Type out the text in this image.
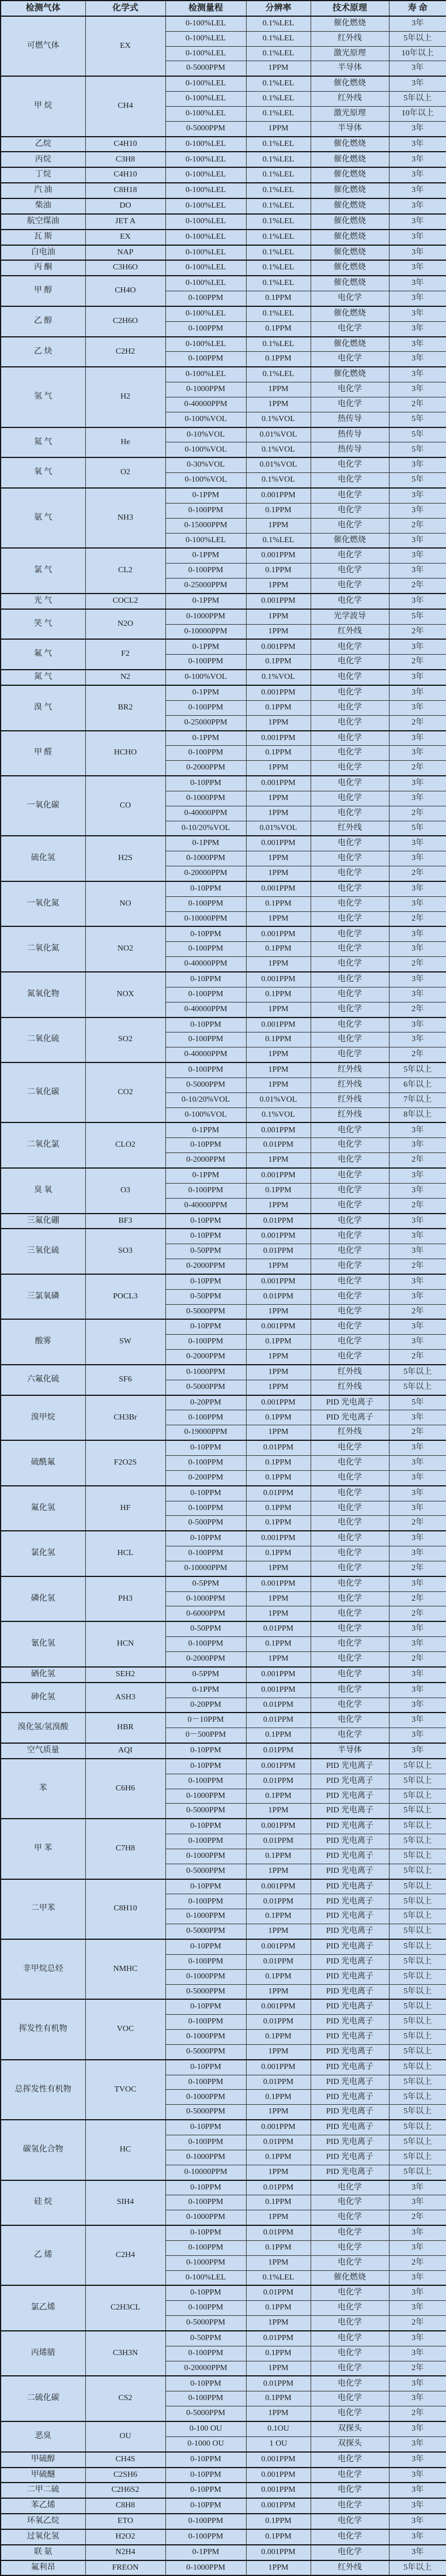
检测气体	化学式	检测量程	分辨率	技术原理	寿 命
可燃气体	EX	0-100%LEL	0.1%LEL	催化燃烧	3年
		0-100%LEL	0.1%LEL	红外线	5年以上
		0-100%LEL	0.1%LEL	激光原理	10年以上
		0-5000PPM	1PPM	半导体	3年
甲 烷	CH4	0-100%LEL	0.1%LEL	催化燃烧	3年
		0-100%LEL	0.1%LEL	红外线	5年以上
		0-100%LEL	0.1%LEL	激光原理	10年以上
		0-5000PPM	1PPM	半导体	3年
乙烷	C4H10	0-100%LEL	0.1%LEL	催化燃烧	3年
丙烷	C3H8	0-100%LEL	0.1%LEL	催化燃烧	3年
丁烷	C4H10	0-100%LEL	0.1%LEL	催化燃烧	3年
汽 油	C8H18	0-100%LEL	0.1%LEL	催化燃烧	3年
柴油	DO	0-100%LEL	0.1%LEL	催化燃烧	3年
航空煤油	JET A	0-100%LEL	0.1%LEL	催化燃烧	3年
瓦 斯	EX	0-100%LEL	0.1%LEL	催化燃烧	3年
白电油	NAP	0-100%LEL	0.1%LEL	催化燃烧	3年
丙 酮	C3H6O	0-100%LEL	0.1%LEL	催化燃烧	3年
甲 醇	CH4O	0-100%LEL	0.1%LEL	催化燃烧	3年
		0-100PPM	0.1PPM	电化学	3年
乙 醇	C2H6O	0-100%LEL	0.1%LEL	催化燃烧	3年
		0-100PPM	0.1PPM	电化学	3年
乙 炔	C2H2	0-100%LEL	0.1%LEL	催化燃烧	3年
		0-100PPM	0.1PPM	电化学	3年
氢 气	H2	0-100%LEL	0.1%LEL	催化燃烧	3年
		0-1000PPM	1PPM	电化学	3年
		0-40000PPM	1PPM	电化学	2年
		0-100%VOL	0.1%VOL	热传导	5年
氦 气	He	0-10%VOL	0.01%VOL	热传导	5年
		0-100%VOL	0.1%VOL	热传导	5年
氧 气	O2	0-30%VOL	0.01%VOL	电化学	3年
		0-100%VOL	0.1%VOL	电化学	5年
氨 气	NH3	0-1PPM	0.001PPM	电化学	3年
		0-100PPM	0.1PPM	电化学	3年
		0-15000PPM	1PPM	电化学	2年
		0-100%LEL	0.1%LEL	催化燃烧	3年
氯 气	CL2	0-1PPM	0.001PPM	电化学	3年
		0-100PPM	0.1PPM	电化学	3年
		0-25000PPM	1PPM	电化学	2年
光 气	COCL2	0-1PPM	0.001PPM	电化学	3年
笑 气	N2O	0-1000PPM	1PPM	光学波导	5年
		0-10000PPM	1PPM	红外线	2年
氟 气	F2	0-1PPM	0.001PPM	电化学	3年
		0-100PPM	0.1PPM	电化学	2年
氮 气	N2	0-100%VOL	0.1%VOL	电化学	3年
溴 气	BR2	0-1PPM	0.001PPM	电化学	3年
		0-100PPM	0.1PPM	电化学	3年
		0-25000PPM	1PPM	电化学	2年
甲 醛	HCHO	0-1PPM	0.001PPM	电化学	3年
		0-100PPM	0.1PPM	电化学	3年
		0-2000PPM	1PPM	电化学	2年
一氧化碳	CO	0-10PPM	0.001PPM	电化学	3年
		0-1000PPM	1PPM	电化学	3年
		0-40000PPM	1PPM	电化学	2年
		0-10/20%VOL	0.01%VOL	红外线	5年
硫化氢	H2S	0-1PPM	0.001PPM	电化学	3年
		0-1000PPM	1PPM	电化学	3年
		0-20000PPM	1PPM	电化学	2年
一氧化氮	NO	0-10PPM	0.001PPM	电化学	3年
		0-100PPM	0.1PPM	电化学	3年
		0-10000PPM	1PPM	电化学	2年
二氧化氮	NO2	0-10PPM	0.001PPM	电化学	3年
		0-100PPM	0.1PPM	电化学	3年
		0-40000PPM	1PPM	电化学	2年
氮氧化物	NOX	0-10PPM	0.001PPM	电化学	3年
		0-100PPM	0.1PPM	电化学	3年
		0-40000PPM	1PPM	电化学	2年
二氧化硫	SO2	0-10PPM	0.001PPM	电化学	3年
		0-100PPM	0.1PPM	电化学	3年
		0-40000PPM	1PPM	电化学	2年
二氧化碳	CO2	0-100PPM	1PPM	红外线	5年以上
		0-5000PPM	1PPM	红外线	6年以上
		0-10/20%VOL	0.01%VOL	红外线	7年以上
		0-100%VOL	0.1%VOL	红外线	8年以上
二氧化氯	CLO2	0-1PPM	0.001PPM	电化学	3年
		0-10PPM	0.01PPM	电化学	3年
		0-2000PPM	1PPM	电化学	2年
臭 氧	O3	0-1PPM	0.001PPM	电化学	3年
		0-100PPM	0.1PPM	电化学	3年
		0-40000PPM	1PPM	电化学	2年
三氟化硼	BF3	0-10PPM	0.01PPM	电化学	3年
三氧化硫	SO3	0-10PPM	0.001PPM	电化学	3年
		0-50PPM	0.01PPM	电化学	3年
		0-2000PPM	1PPM	电化学	2年
三氯氧磷	POCL3	0-10PPM	0.001PPM	电化学	3年
		0-50PPM	0.01PPM	电化学	3年
		0-5000PPM	1PPM	电化学	2年
酸雾	SW	0-10PPM	0.001PPM	电化学	3年
		0-100PPM	0.1PPM	电化学	3年
		0-2000PPM	1PPM	电化学	2年
六氟化硫	SF6	0-1000PPM	1PPM	红外线	5年以上
		0-5000PPM	1PPM	红外线	5年以上
溴甲烷	CH3Br	0-20PPM	0.001PPM	PID 光电离子	5年
		0-100PPM	0.1PPM	PID 光电离子	3年
		0-19000PPM	1PPM	红外线	2年
硫酰氟	F2O2S	0-10PPM	0.01PPM	电化学	3年
		0-100PPM	0.1PPM	电化学	3年
		0-200PPM	0.1PPM	电化学	3年
氟化氢	HF	0-10PPM	0.01PPM	电化学	3年
		0-100PPM	0.1PPM	电化学	3年
		0-500PPM	0.1PPM	电化学	2年
氯化氢	HCL	0-10PPM	0.001PPM	电化学	3年
		0-100PPM	0.1PPM	电化学	3年
		0-10000PPM	1PPM	电化学	2年
磷化氢	PH3	0-5PPM	0.001PPM	电化学	3年
		0-1000PPM	1PPM	电化学	2年
		0-6000PPM	1PPM	电化学	2年
氰化氢	HCN	0-50PPM	0.01PPM	电化学	3年
		0-100PPM	0.1PPM	电化学	3年
		0-2000PPM	1PPM	电化学	2年
硒化氢	SEH2	0-5PPM	0.001PPM	电化学	3年
砷化氢	ASH3	0-1PPM	0.001PPM	电化学	3年
		0-20PPM	0.01PPM	电化学	3年
溴化氢/氢溴酸	HBR	0－10PPM	0.01PPM	电化学	3年
		0－500PPM	0.1PPM	电化学	3年
空气质量	AQI	0-10PPM	0.01PPM	半导体	3年
苯	C6H6	0-10PPM	0.001PPM	PID 光电离子	5年以上
		0-100PPM	0.01PPM	PID 光电离子	5年以上
		0-1000PPM	0.1PPM	PID 光电离子	5年以上
		0-5000PPM	1PPM	PID 光电离子	5年以上
甲 苯	C7H8	0-10PPM	0.001PPM	PID 光电离子	5年以上
		0-100PPM	0.01PPM	PID 光电离子	5年以上
		0-1000PPM	0.1PPM	PID 光电离子	5年以上
		0-5000PPM	1PPM	PID 光电离子	5年以上
二甲苯	C8H10	0-10PPM	0.001PPM	PID 光电离子	5年以上
		0-100PPM	0.01PPM	PID 光电离子	5年以上
		0-1000PPM	0.1PPM	PID 光电离子	5年以上
		0-5000PPM	1PPM	PID 光电离子	5年以上
非甲烷总烃	NMHC	0-10PPM	0.001PPM	PID 光电离子	5年以上
		0-100PPM	0.01PPM	PID 光电离子	5年以上
		0-1000PPM	0.1PPM	PID 光电离子	5年以上
		0-5000PPM	1PPM	PID 光电离子	5年以上
挥发性有机物	VOC	0-10PPM	0.001PPM	PID 光电离子	5年以上
		0-100PPM	0.01PPM	PID 光电离子	5年以上
		0-1000PPM	0.1PPM	PID 光电离子	5年以上
		0-5000PPM	1PPM	PID 光电离子	5年以上
总挥发性有机物	TVOC	0-10PPM	0.001PPM	PID 光电离子	5年以上
		0-100PPM	0.01PPM	PID 光电离子	5年以上
		0-1000PPM	0.1PPM	PID 光电离子	5年以上
		0-5000PPM	1PPM	PID 光电离子	5年以上
碳氢化合物	HC	0-10PPM	0.001PPM	PID 光电离子	5年以上
		0-100PPM	0.01PPM	PID 光电离子	5年以上
		0-1000PPM	0.1PPM	PID 光电离子	5年以上
		0-10000PPM	1PPM	PID 光电离子	5年以上
硅 烷	SIH4	0-10PPM	0.01PPM	电化学	3年
		0-100PPM	0.1PPM	电化学	3年
		0-1000PPM	1PPM	电化学	2年
乙 烯	C2H4	0-10PPM	0.01PPM	电化学	3年
		0-100PPM	0.1PPM	电化学	3年
		0-1000PPM	1PPM	电化学	2年
		0-100%LEL	0.1%LEL	催化燃烧	3年
氯乙烯	C2H3CL	0-10PPM	0.01PPM	电化学	3年
		0-100PPM	0.1PPM	电化学	3年
		0-5000PPM	1PPM	电化学	2年
丙烯腈	C3H3N	0-50PPM	0.01PPM	电化学	3年
		0-100PPM	0.1PPM	电化学	3年
		0-20000PPM	1PPM	电化学	2年
二硫化碳	CS2	0-10PPM	0.01PPM	电化学	3年
		0-100PPM	0.1PPM	电化学	3年
		0-5000PPM	1PPM	电化学	2年
恶臭	OU	0-100 OU	0.1OU	双探头	3年
		0-1000 OU	1 OU	双探头	3年
甲硫醇	CH4S	0-10PPM	0.001PPM	电化学	3年
甲硫醚	C2SH6	0-10PPM	0.001PPM	电化学	3年
二甲二硫	C2H6S2	0-10PPM	0.001PPM	电化学	3年
苯乙烯	C8H8	0-10PPM	0.001PPM	电化学	3年
环氧乙烷	ETO	0-100PPM	0.1PPM	电化学	3年
过氧化氢	H2O2	0-100PPM	0.1PPM	电化学	3年
联 氨	N2H4	0-1PPM	0.001PPM	电化学	3年
氟利昂	FREON	0-1000PPM	1PPM	红外线	5年以上
